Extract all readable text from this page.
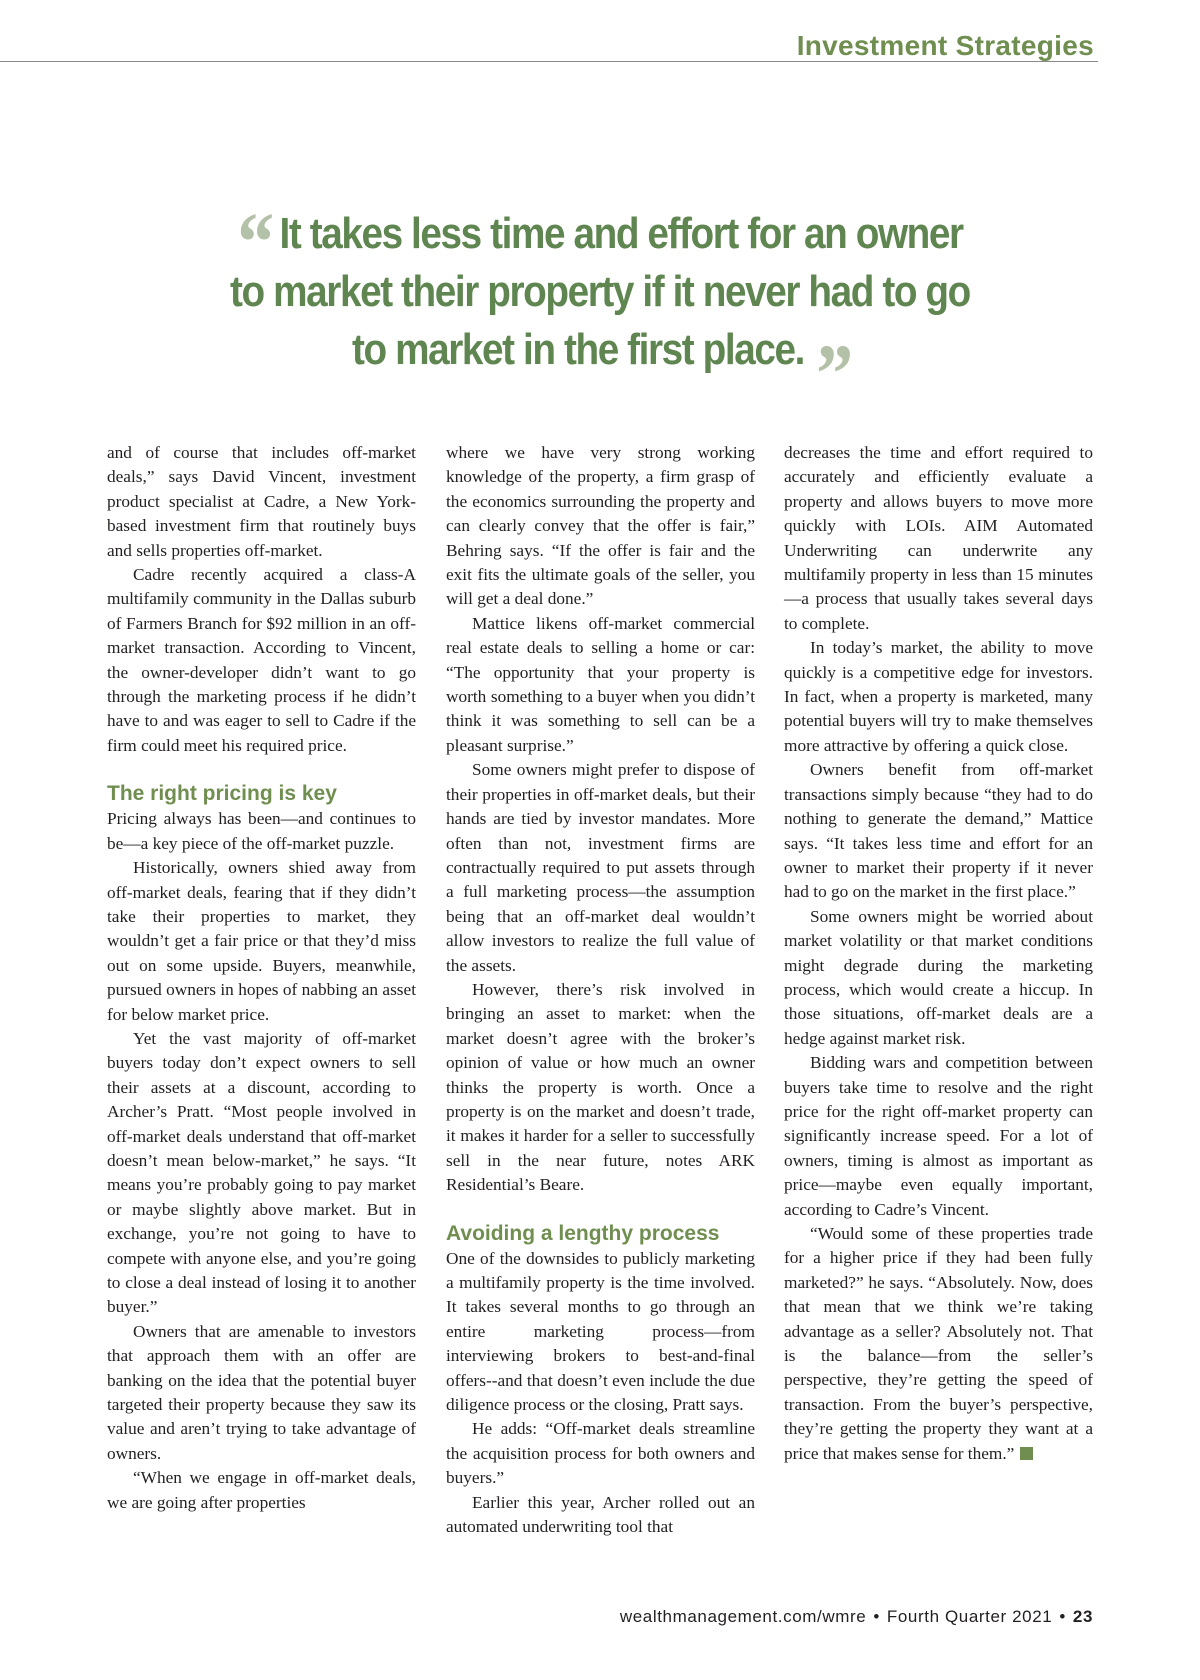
Investment Strategies
“ It takes less time and effort for an owner to market their property if it never had to go to market in the first place. ”

and of course that includes off-market deals,” says David Vincent, investment product specialist at Cadre, a New York-based investment firm that routinely buys and sells properties off-market.

Cadre recently acquired a class-A multifamily community in the Dallas suburb of Farmers Branch for $92 million in an off-market transaction. According to Vincent, the owner-developer didn’t want to go through the marketing process if he didn’t have to and was eager to sell to Cadre if the firm could meet his required price.

The right pricing is key

Pricing always has been—and continues to be—a key piece of the off-market puzzle.

Historically, owners shied away from off-market deals, fearing that if they didn’t take their properties to market, they wouldn’t get a fair price or that they’d miss out on some upside. Buyers, meanwhile, pursued owners in hopes of nabbing an asset for below market price.

Yet the vast majority of off-market buyers today don’t expect owners to sell their assets at a discount, according to Archer’s Pratt. “Most people involved in off-market deals understand that off-market doesn’t mean below-market,” he says. “It means you’re probably going to pay market or maybe slightly above market. But in exchange, you’re not going to have to compete with anyone else, and you’re going to close a deal instead of losing it to another buyer.”

Owners that are amenable to investors that approach them with an offer are banking on the idea that the potential buyer targeted their property because they saw its value and aren’t trying to take advantage of owners.

“When we engage in off-market deals, we are going after properties

where we have very strong working knowledge of the property, a firm grasp of the economics surrounding the property and can clearly convey that the offer is fair,” Behring says. “If the offer is fair and the exit fits the ultimate goals of the seller, you will get a deal done.”

Mattice likens off-market commercial real estate deals to selling a home or car: “The opportunity that your property is worth something to a buyer when you didn’t think it was something to sell can be a pleasant surprise.”

Some owners might prefer to dispose of their properties in off-market deals, but their hands are tied by investor mandates. More often than not, investment firms are contractually required to put assets through a full marketing process—the assumption being that an off-market deal wouldn’t allow investors to realize the full value of the assets.

However, there’s risk involved in bringing an asset to market: when the market doesn’t agree with the broker’s opinion of value or how much an owner thinks the property is worth. Once a property is on the market and doesn’t trade, it makes it harder for a seller to successfully sell in the near future, notes ARK Residential’s Beare.

Avoiding a lengthy process

One of the downsides to publicly marketing a multifamily property is the time involved. It takes several months to go through an entire marketing process—from interviewing brokers to best-and-final offers--and that doesn’t even include the due diligence process or the closing, Pratt says.

He adds: “Off-market deals streamline the acquisition process for both owners and buyers.”

Earlier this year, Archer rolled out an automated underwriting tool that

decreases the time and effort required to accurately and efficiently evaluate a property and allows buyers to move more quickly with LOIs. AIM Automated Underwriting can underwrite any multifamily property in less than 15 minutes—a process that usually takes several days to complete.

In today’s market, the ability to move quickly is a competitive edge for investors. In fact, when a property is marketed, many potential buyers will try to make themselves more attractive by offering a quick close.

Owners benefit from off-market transactions simply because “they had to do nothing to generate the demand,” Mattice says. “It takes less time and effort for an owner to market their property if it never had to go on the market in the first place.”

Some owners might be worried about market volatility or that market conditions might degrade during the marketing process, which would create a hiccup. In those situations, off-market deals are a hedge against market risk.

Bidding wars and competition between buyers take time to resolve and the right price for the right off-market property can significantly increase speed. For a lot of owners, timing is almost as important as price—maybe even equally important, according to Cadre’s Vincent.

“Would some of these properties trade for a higher price if they had been fully marketed?” he says. “Absolutely. Now, does that mean that we think we’re taking advantage as a seller? Absolutely not. That is the balance—from the seller’s perspective, they’re getting the speed of transaction. From the buyer’s perspective, they’re getting the property they want at a price that makes sense for them.”

wealthmanagement.com/wmre • Fourth Quarter 2021 • 23
